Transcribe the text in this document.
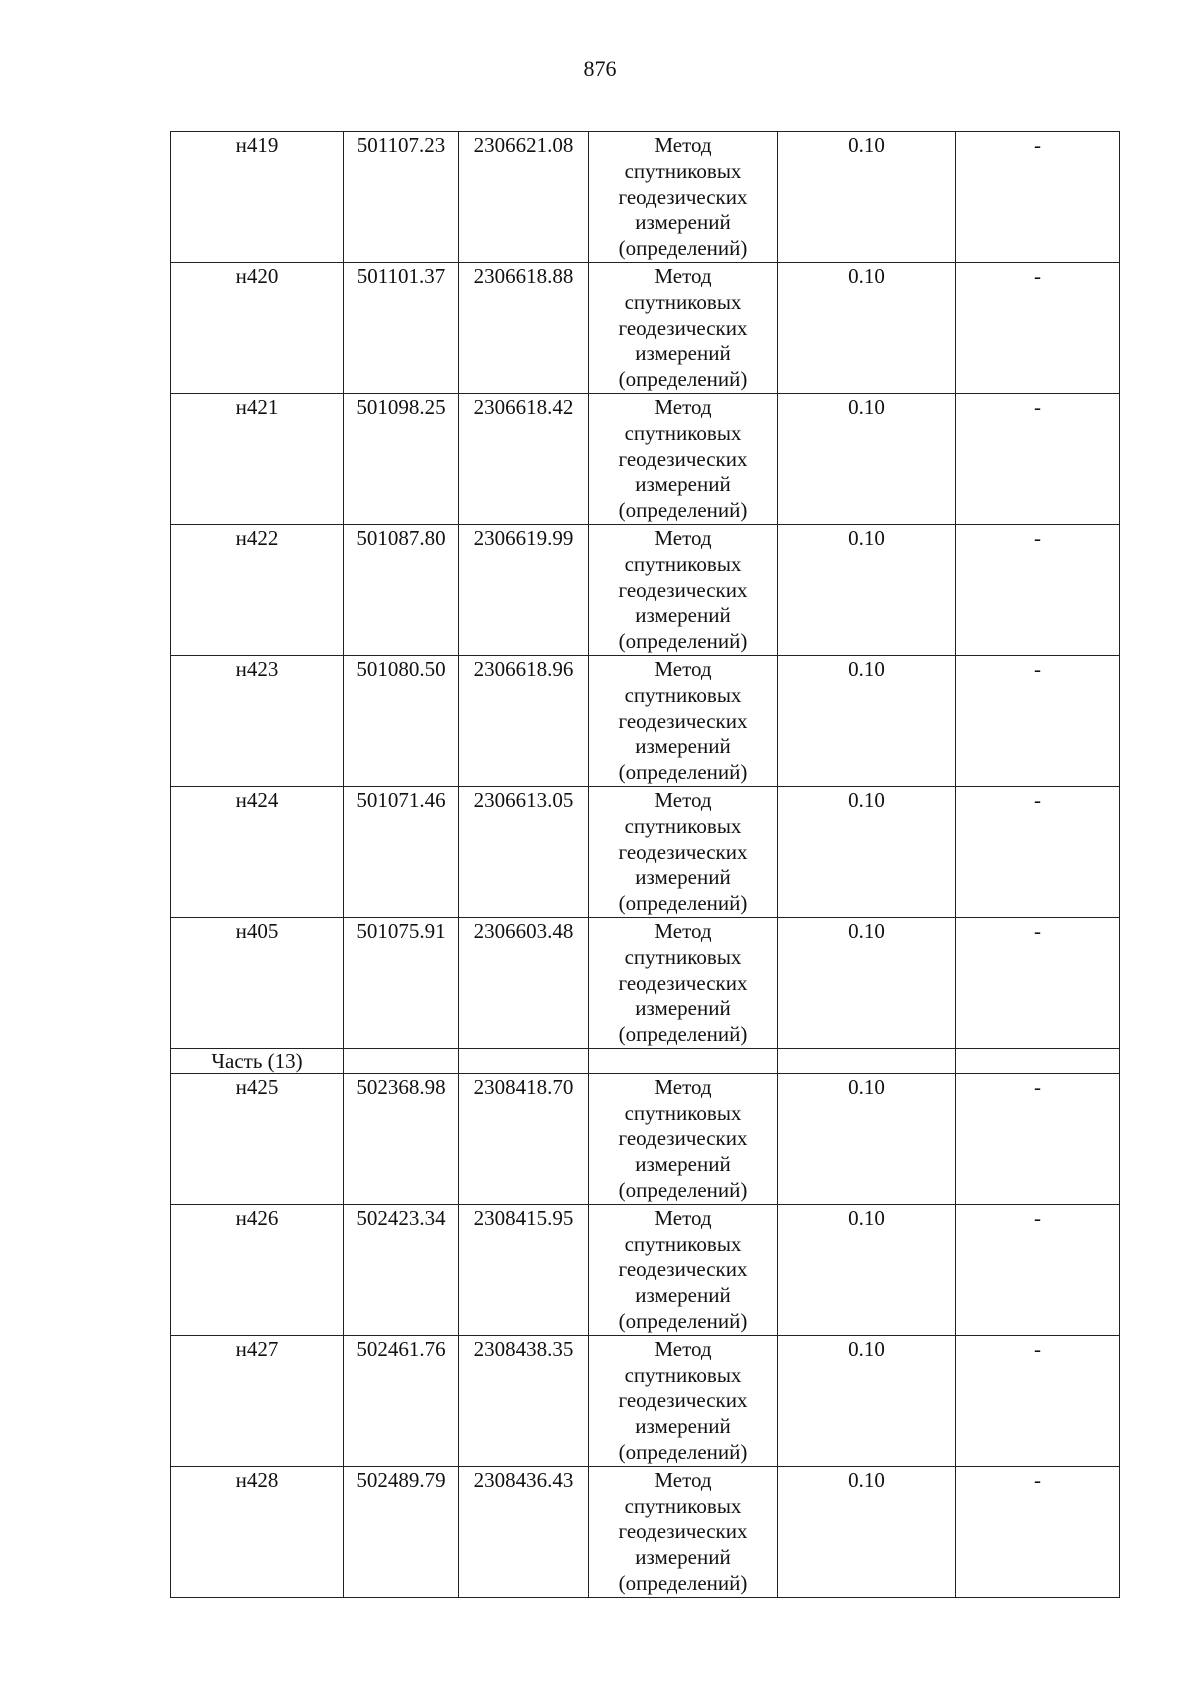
876
н419	501107.23	2306621.08	Метод
спутниковых
геодезических
измерений
(определений)	0.10	-
н420	501101.37	2306618.88	Метод
спутниковых
геодезических
измерений
(определений)	0.10	-
н421	501098.25	2306618.42	Метод
спутниковых
геодезических
измерений
(определений)	0.10	-
н422	501087.80	2306619.99	Метод
спутниковых
геодезических
измерений
(определений)	0.10	-
н423	501080.50	2306618.96	Метод
спутниковых
геодезических
измерений
(определений)	0.10	-
н424	501071.46	2306613.05	Метод
спутниковых
геодезических
измерений
(определений)	0.10	-
н405	501075.91	2306603.48	Метод
спутниковых
геодезических
измерений
(определений)	0.10	-
Часть (13)					
н425	502368.98	2308418.70	Метод
спутниковых
геодезических
измерений
(определений)	0.10	-
н426	502423.34	2308415.95	Метод
спутниковых
геодезических
измерений
(определений)	0.10	-
н427	502461.76	2308438.35	Метод
спутниковых
геодезических
измерений
(определений)	0.10	-
н428	502489.79	2308436.43	Метод
спутниковых
геодезических
измерений
(определений)	0.10	-
